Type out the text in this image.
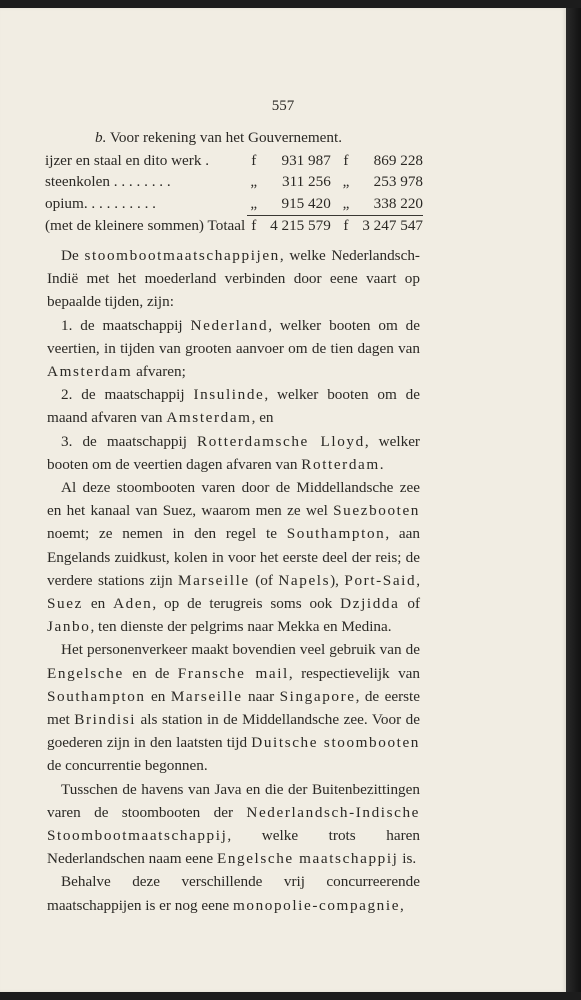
557
b. Voor rekening van het Gouvernement.
ijzer en staal en dito werk .	f	931 987	f	869 228
steenkolen . . . . . . . .	„	311 256	„	253 978
opium. . . . . . . . . .	„	915 420	„	338 220
(met de kleinere sommen) Totaal	f	4 215 579	f	3 247 547

De stoombootmaatschappijen, welke Nederlandsch-Indië met het moederland verbinden door eene vaart op bepaalde tijden, zijn:

1. de maatschappij Nederland, welker booten om de veertien, in tijden van grooten aanvoer om de tien dagen van Amsterdam afvaren;

2. de maatschappij Insulinde, welker booten om de maand afvaren van Amsterdam, en

3. de maatschappij Rotterdamsche Lloyd, welker booten om de veertien dagen afvaren van Rotterdam.

Al deze stoombooten varen door de Middellandsche zee en het kanaal van Suez, waarom men ze wel Suezbooten noemt; ze nemen in den regel te Southampton, aan Engelands zuidkust, kolen in voor het eerste deel der reis; de verdere stations zijn Marseille (of Napels), Port-Said, Suez en Aden, op de terugreis soms ook Dzjidda of Janbo, ten dienste der pelgrims naar Mekka en Medina.

Het personenverkeer maakt bovendien veel gebruik van de Engelsche en de Fransche mail, respectievelijk van Southampton en Marseille naar Singapore, de eerste met Brindisi als station in de Middellandsche zee. Voor de goederen zijn in den laatsten tijd Duitsche stoombooten de concurrentie begonnen.

Tusschen de havens van Java en die der Buitenbezittingen varen de stoombooten der Nederlandsch-Indische Stoombootmaatschappij, welke trots haren Nederlandschen naam eene Engelsche maatschappij is.

Behalve deze verschillende vrij concurreerende maatschappijen is er nog eene monopolie-compagnie,
